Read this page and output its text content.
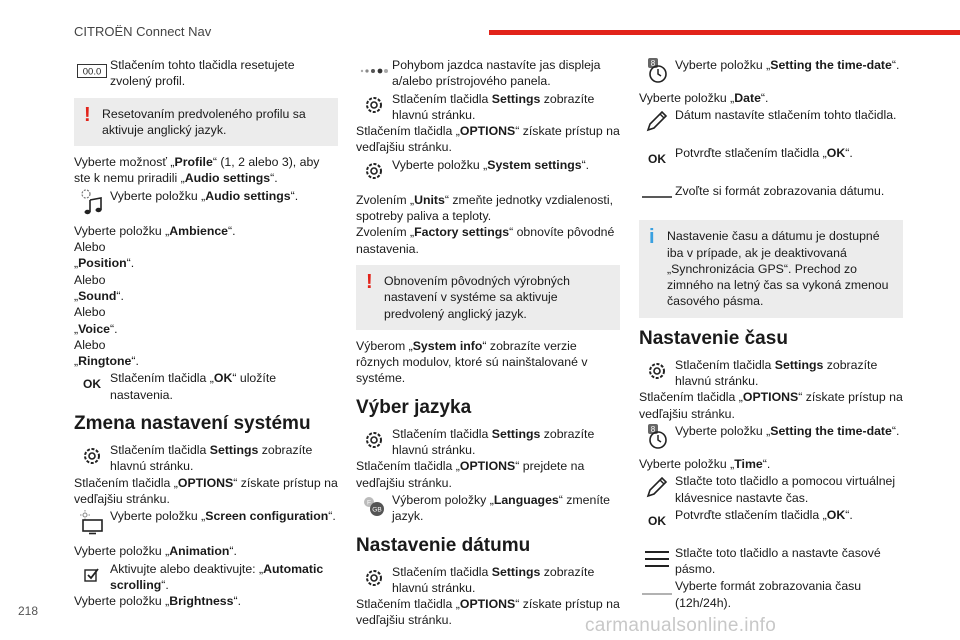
CITROËN Connect Nav
00.0 Stlačením tohto tlačidla resetujete zvolený profil.
! Resetovaním predvoleného profilu sa aktivuje anglický jazyk.

Vyberte možnosť „Profile“ (1, 2 alebo 3), aby ste k nemu priradili „Audio settings“.

Vyberte položku „Audio settings“.

Vyberte položku „Ambience“.

Alebo

„Position“.

Alebo

„Sound“.

Alebo

„Voice“.

Alebo

„Ringtone“.

OK Stlačením tlačidla „OK“ uložíte nastavenia.
Zmena nastavení systému
Stlačením tlačidla Settings zobrazíte hlavnú stránku.

Stlačením tlačidla „OPTIONS“ získate prístup na vedľajšiu stránku.

Vyberte položku „Screen configuration“.

Vyberte položku „Animation“.

Aktivujte alebo deaktivujte: „Automatic scrolling“.

Vyberte položku „Brightness“.

Pohybom jazdca nastavíte jas displeja a/alebo prístrojového panela.
Stlačením tlačidla Settings zobrazíte hlavnú stránku.

Stlačením tlačidla „OPTIONS“ získate prístup na vedľajšiu stránku.

Vyberte položku „System settings“.

Zvolením „Units“ zmeňte jednotky vzdialenosti, spotreby paliva a teploty.

Zvolením „Factory settings“ obnovíte pôvodné nastavenia.

! Obnovením pôvodných výrobných nastavení v systéme sa aktivuje predvolený anglický jazyk.

Výberom „System info“ zobrazíte verzie rôznych modulov, ktoré sú nainštalované v systéme.

Výber jazyka
Stlačením tlačidla Settings zobrazíte hlavnú stránku.

Stlačením tlačidla „OPTIONS“ prejdete na vedľajšiu stránku.

F
GB
Výberom položky „Languages“ zmeníte jazyk.
Nastavenie dátumu
Stlačením tlačidla Settings zobrazíte hlavnú stránku.

Stlačením tlačidla „OPTIONS“ získate prístup na vedľajšiu stránku.

8 Vyberte položku „Setting the time-date“.

Vyberte položku „Date“.

Dátum nastavíte stlačením tohto tlačidla.
OK Potvrďte stlačením tlačidla „OK“.
Zvoľte si formát zobrazovania dátumu.
i Nastavenie času a dátumu je dostupné iba v prípade, ak je deaktivovaná „Synchronizácia GPS“. Prechod zo zimného na letný čas sa vykoná zmenou časového pásma.
Nastavenie času
Stlačením tlačidla Settings zobrazíte hlavnú stránku.

Stlačením tlačidla „OPTIONS“ získate prístup na vedľajšiu stránku.

8 Vyberte položku „Setting the time-date“.

Vyberte položku „Time“.

Stlačte toto tlačidlo a pomocou virtuálnej klávesnice nastavte čas.
OK Potvrďte stlačením tlačidla „OK“.
Stlačte toto tlačidlo a nastavte časové pásmo.
Vyberte formát zobrazovania času (12h/24h).
218
carmanualsonline.info
